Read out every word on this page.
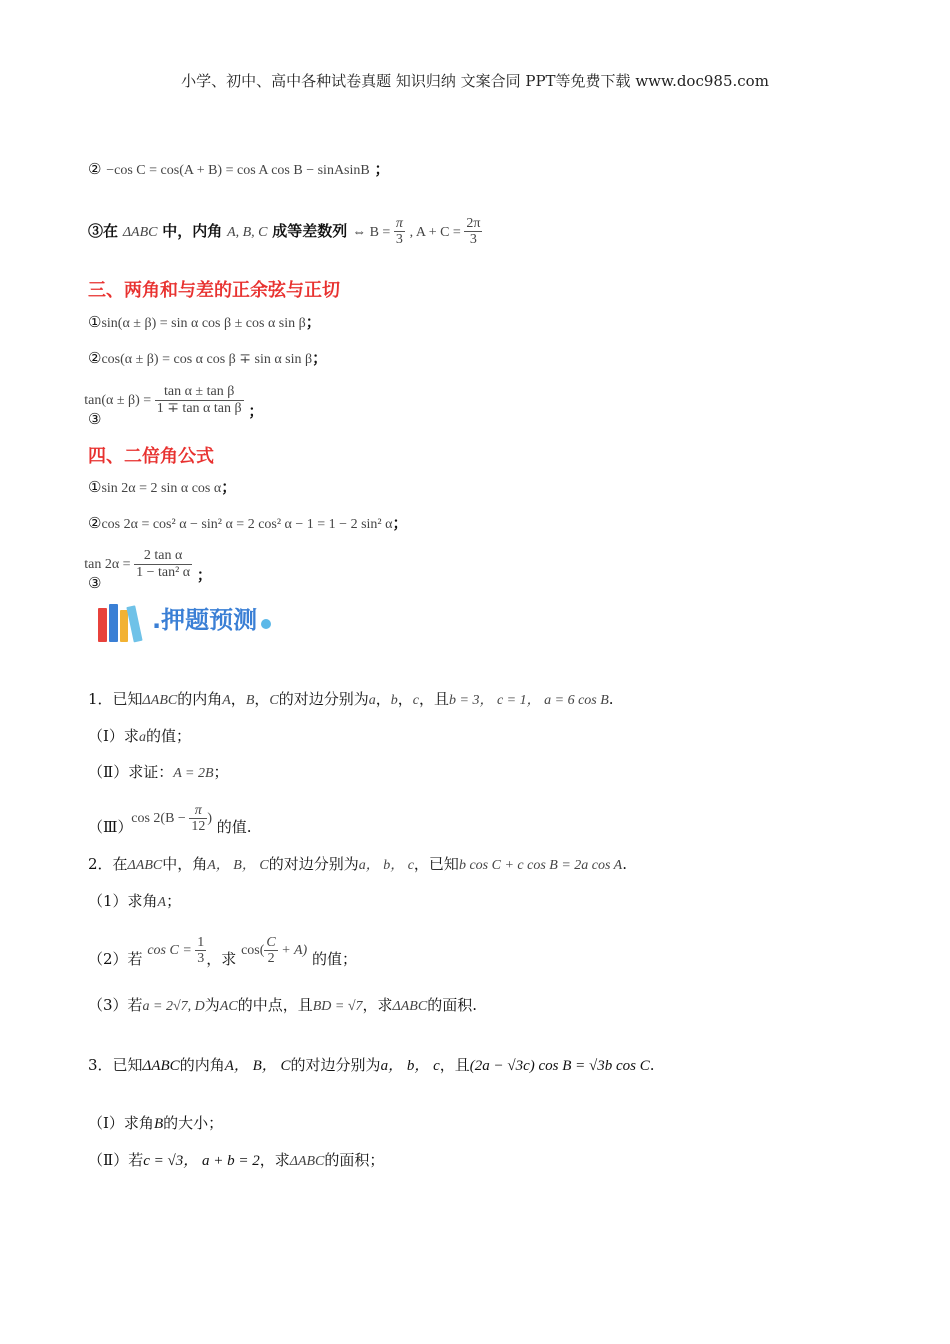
小学、初中、高中各种试卷真题 知识归纳 文案合同 PPT等免费下载 www.doc985.com
② −cos C = cos(A + B) = cos A cos B − sinAsinB ；
③在 ΔABC 中，内角 A, B, C 成等差数列 ⇔ $B = \frac{\pi}{3}$ , $A + C = \frac{2\pi}{3}$
三、两角和与差的正余弦与正切
①sin(α ± β) = sin α cos β ± cos α sin β；
②cos(α ± β) = cos α cos β ∓ sin α sin β；
③ $\tan(\alpha \pm \beta) = \frac{\text{tan α ± tan β}}{\text{1 ∓ tan α tan β}}$ ；
四、二倍角公式
①sin 2α = 2 sin α cos α；
②cos 2α = cos² α − sin² α = 2 cos² α − 1 = 1 − 2 sin² α；
③ $\tan 2\alpha = \frac{\text{2 tan α}}{\text{1 − tan² α}}$ ；
.押题预测
1．已知ΔABC的内角A，B，C的对边分别为a，b，c，且b = 3， c = 1， a = 6 cos B.
（Ⅰ）求a的值；
（Ⅱ）求证：A = 2B；
（Ⅲ） $\cos 2(B - \frac{\pi}{12}$ ) 的值.
2．在ΔABC中，角A， B， C的对边分别为a， b， c，已知b cos C + c cos B = 2a cos A.
（1）求角A；
（2）若 $\cos C = \frac{1}{3}$ ，求 $\cos( \frac{C}{2} + A)$ 的值；
（3）若a = 2√7, D为AC的中点，且BD = √7，求ΔABC的面积.
3．已知ΔABC的内角A， B， C的对边分别为a， b， c，且(2a − √3c) cos B = √3b cos C.
（Ⅰ）求角B的大小；
（Ⅱ）若c = √3， a + b = 2，求ΔABC的面积；
